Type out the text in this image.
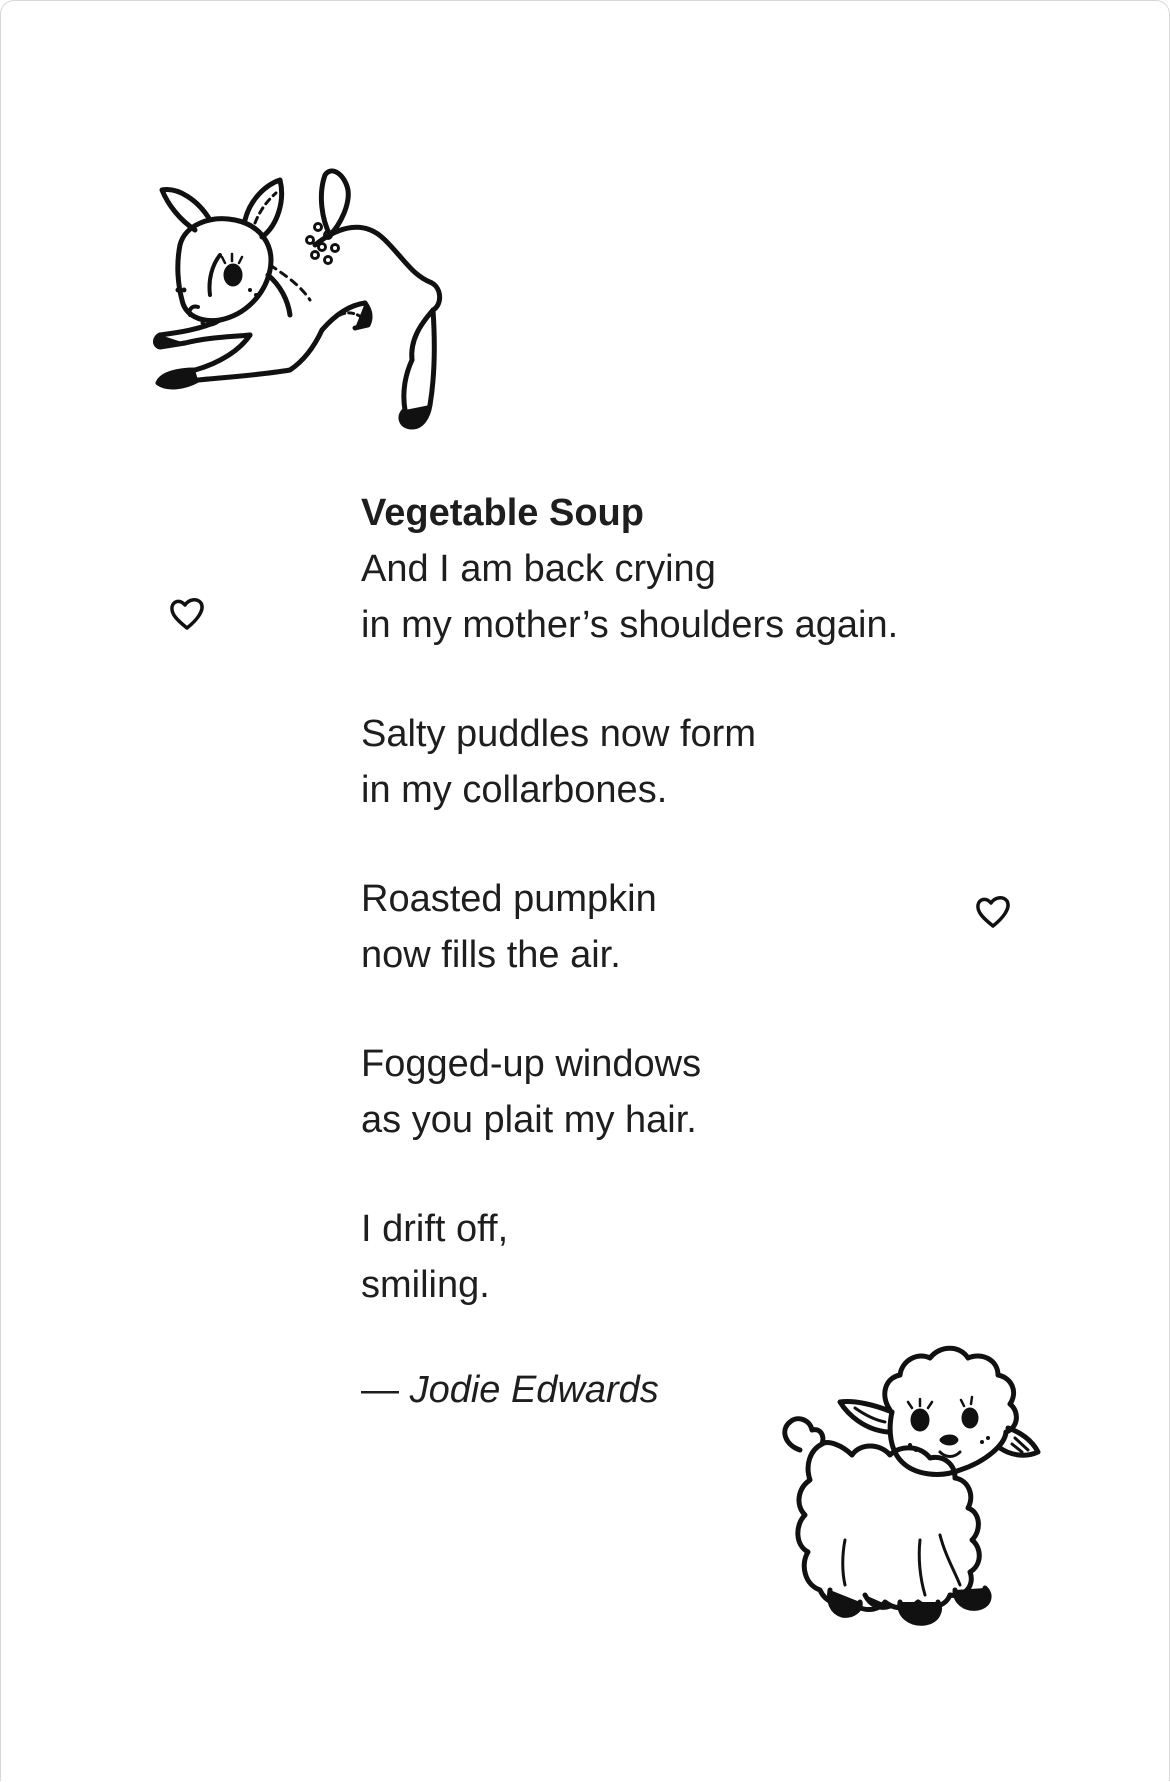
Vegetable Soup
And I am back crying
in my mother’s shoulders again.
Salty puddles now form
in my collarbones.
Roasted pumpkin
now fills the air.
Fogged-up windows
as you plait my hair.
I drift off,
smiling.
— Jodie Edwards
